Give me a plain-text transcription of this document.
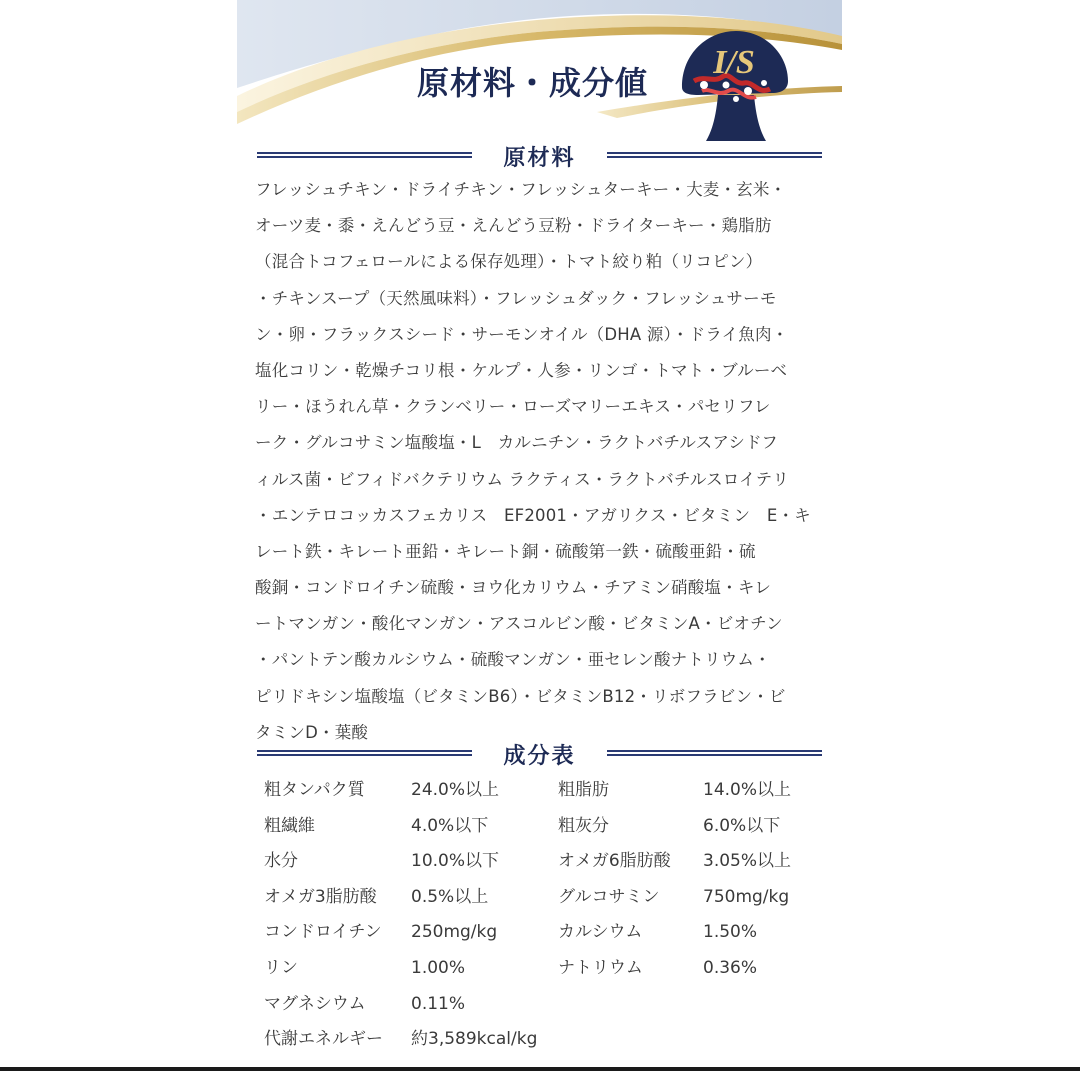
原材料・成分値
I/S
原材料
フレッシュチキン・ドライチキン・フレッシュターキー・大麦・玄米・
オーツ麦・黍・えんどう豆・えんどう豆粉・ドライターキー・鶏脂肪
（混合トコフェロールによる保存処理）・トマト絞り粕（リコピン）
・チキンスープ（天然風味料）・フレッシュダック・フレッシュサーモ
ン・卵・フラックスシード・サーモンオイル（DHA 源）・ドライ魚肉・
塩化コリン・乾燥チコリ根・ケルプ・人参・リンゴ・トマト・ブルーベ
リー・ほうれん草・クランベリー・ローズマリーエキス・パセリフレ
ーク・グルコサミン塩酸塩・L　カルニチン・ラクトバチルスアシドフ
ィルス菌・ビフィドバクテリウム ラクティス・ラクトバチルスロイテリ
・エンテロコッカスフェカリス　EF2001・アガリクス・ビタミン　E・キ
レート鉄・キレート亜鉛・キレート銅・硫酸第一鉄・硫酸亜鉛・硫
酸銅・コンドロイチン硫酸・ヨウ化カリウム・チアミン硝酸塩・キレ
ートマンガン・酸化マンガン・アスコルビン酸・ビタミンA・ビオチン
・パントテン酸カルシウム・硫酸マンガン・亜セレン酸ナトリウム・
ピリドキシン塩酸塩（ビタミンB6）・ビタミンB12・リボフラビン・ビ
タミンD・葉酸
成分表
粗タンパク質	24.0%以上	粗脂肪	14.0%以上
粗繊維	4.0%以下	粗灰分	6.0%以下
水分	10.0%以下	オメガ6脂肪酸 3.05%以上
オメガ3脂肪酸 0.5%以上	グルコサミン	750mg/kg
コンドロイチン 250mg/kg	カルシウム	1.50%
リン	1.00%	ナトリウム	0.36%
マグネシウム	0.11%
代謝エネルギー 約3,589kcal/kg
